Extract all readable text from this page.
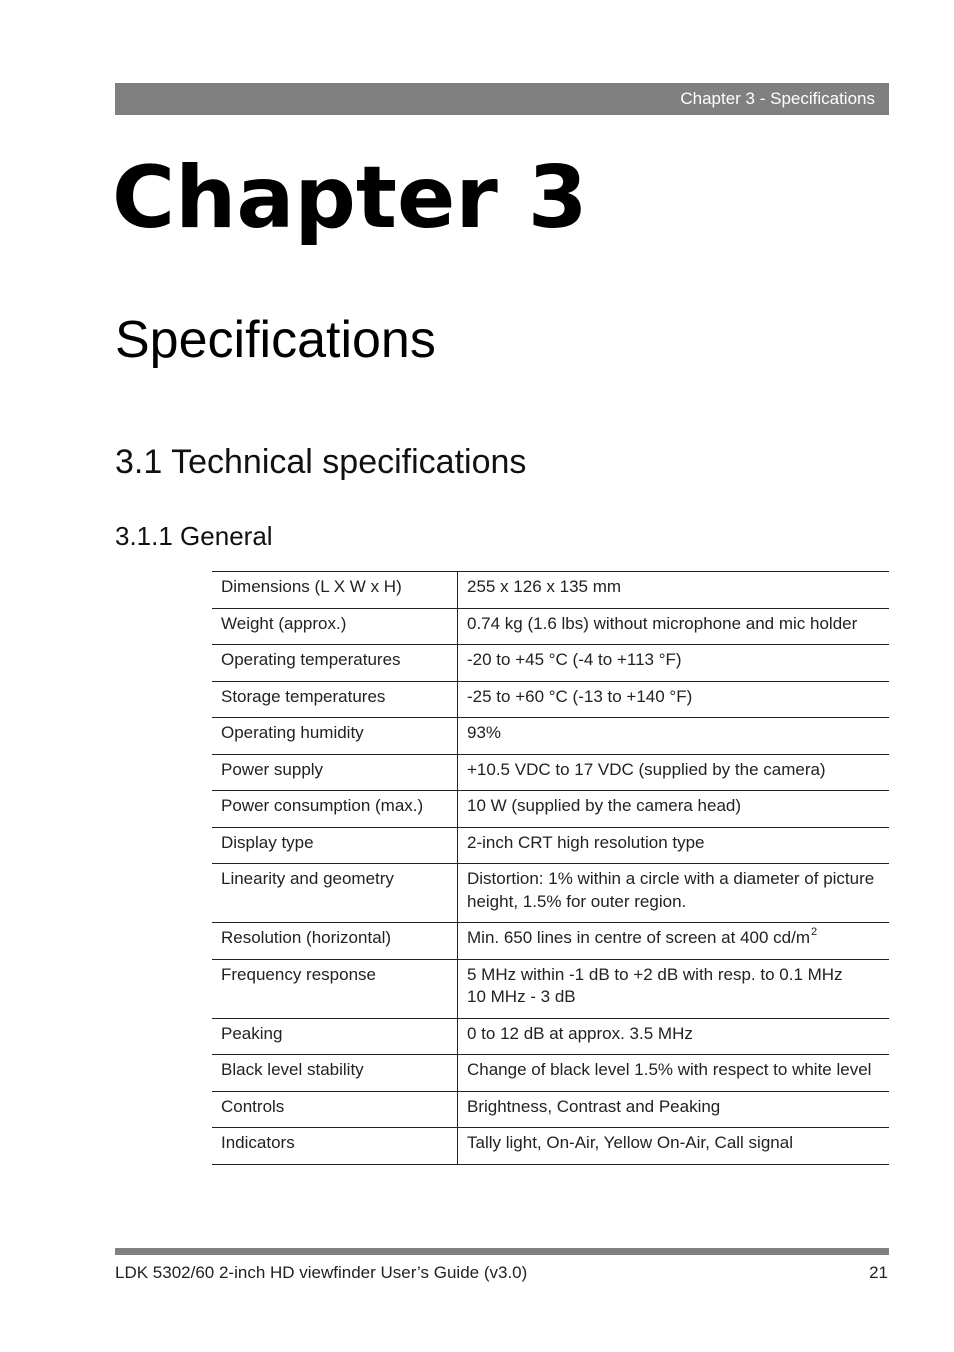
Chapter 3 - Specifications
Chapter 3
Specifications
3.1 Technical specifications
3.1.1 General
Dimensions (L X W x H)	255 x 126 x 135 mm
Weight (approx.)	0.74 kg (1.6 lbs) without microphone and mic holder
Operating temperatures	-20 to +45 °C (-4 to +113 °F)
Storage temperatures	-25 to +60 °C (-13 to +140 °F)
Operating humidity	93%
Power supply	+10.5 VDC to 17 VDC (supplied by the camera)
Power consumption (max.)	10 W (supplied by the camera head)
Display type	2-inch CRT high resolution type
Linearity and geometry	Distortion: 1% within a circle with a diameter of picture height, 1.5% for outer region.
Resolution (horizontal)	Min. 650 lines in centre of screen at 400 $cd/m^2$
Frequency response	5 MHz within -1 dB to +2 dB with resp. to 0.1 MHz
10 MHz - 3 dB

Peaking	0 to 12 dB at approx. 3.5 MHz
Black level stability	Change of black level 1.5% with respect to white level
Controls	Brightness, Contrast and Peaking
Indicators	Tally light, On-Air, Yellow On-Air, Call signal
LDK 5302/60 2-inch HD viewfinder User’s Guide (v3.0)	21
